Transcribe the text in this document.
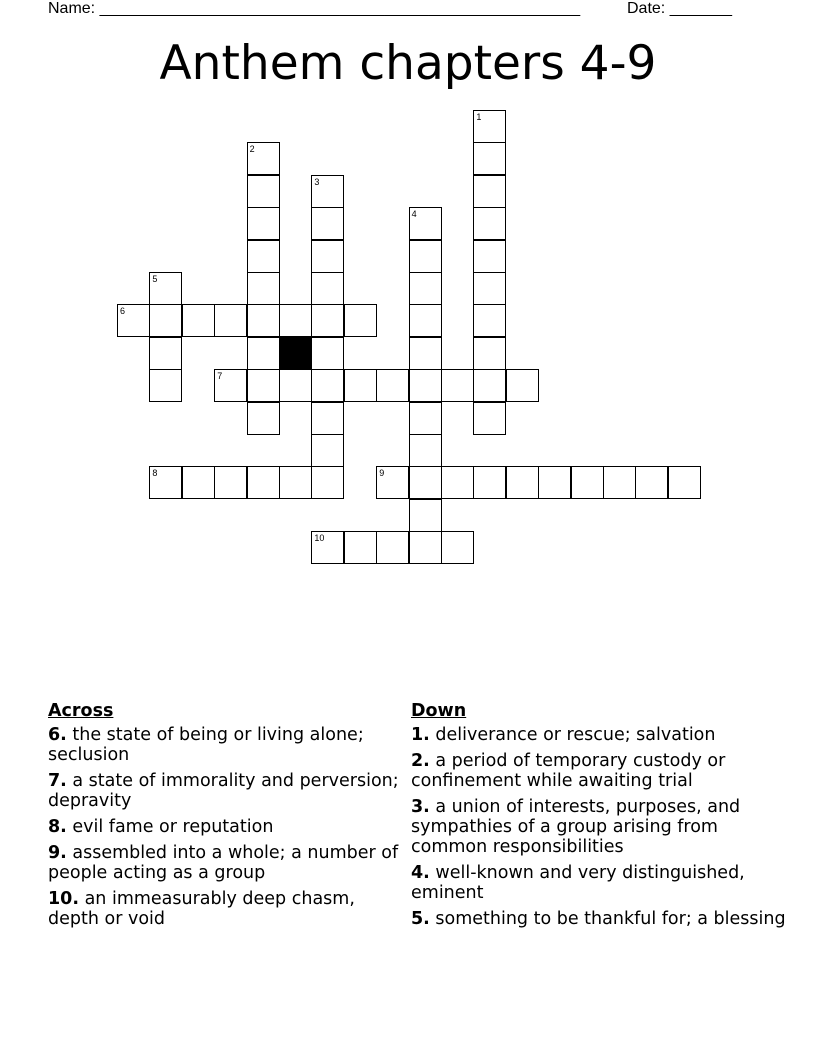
Name: ______________________________________________________	Date: _______
Anthem chapters 4-9
1
2
3
4
5
6
7
8	9
10
Across
6. the state of being or living alone; seclusion
7. a state of immorality and perversion; depravity
8. evil fame or reputation
9. assembled into a whole; a number of people acting as a group
10. an immeasurably deep chasm, depth or void
Down
1. deliverance or rescue; salvation
2. a period of temporary custody or confinement while awaiting trial
3. a union of interests, purposes, and sympathies of a group arising from common responsibilities
4. well-known and very distinguished, eminent
5. something to be thankful for; a blessing
